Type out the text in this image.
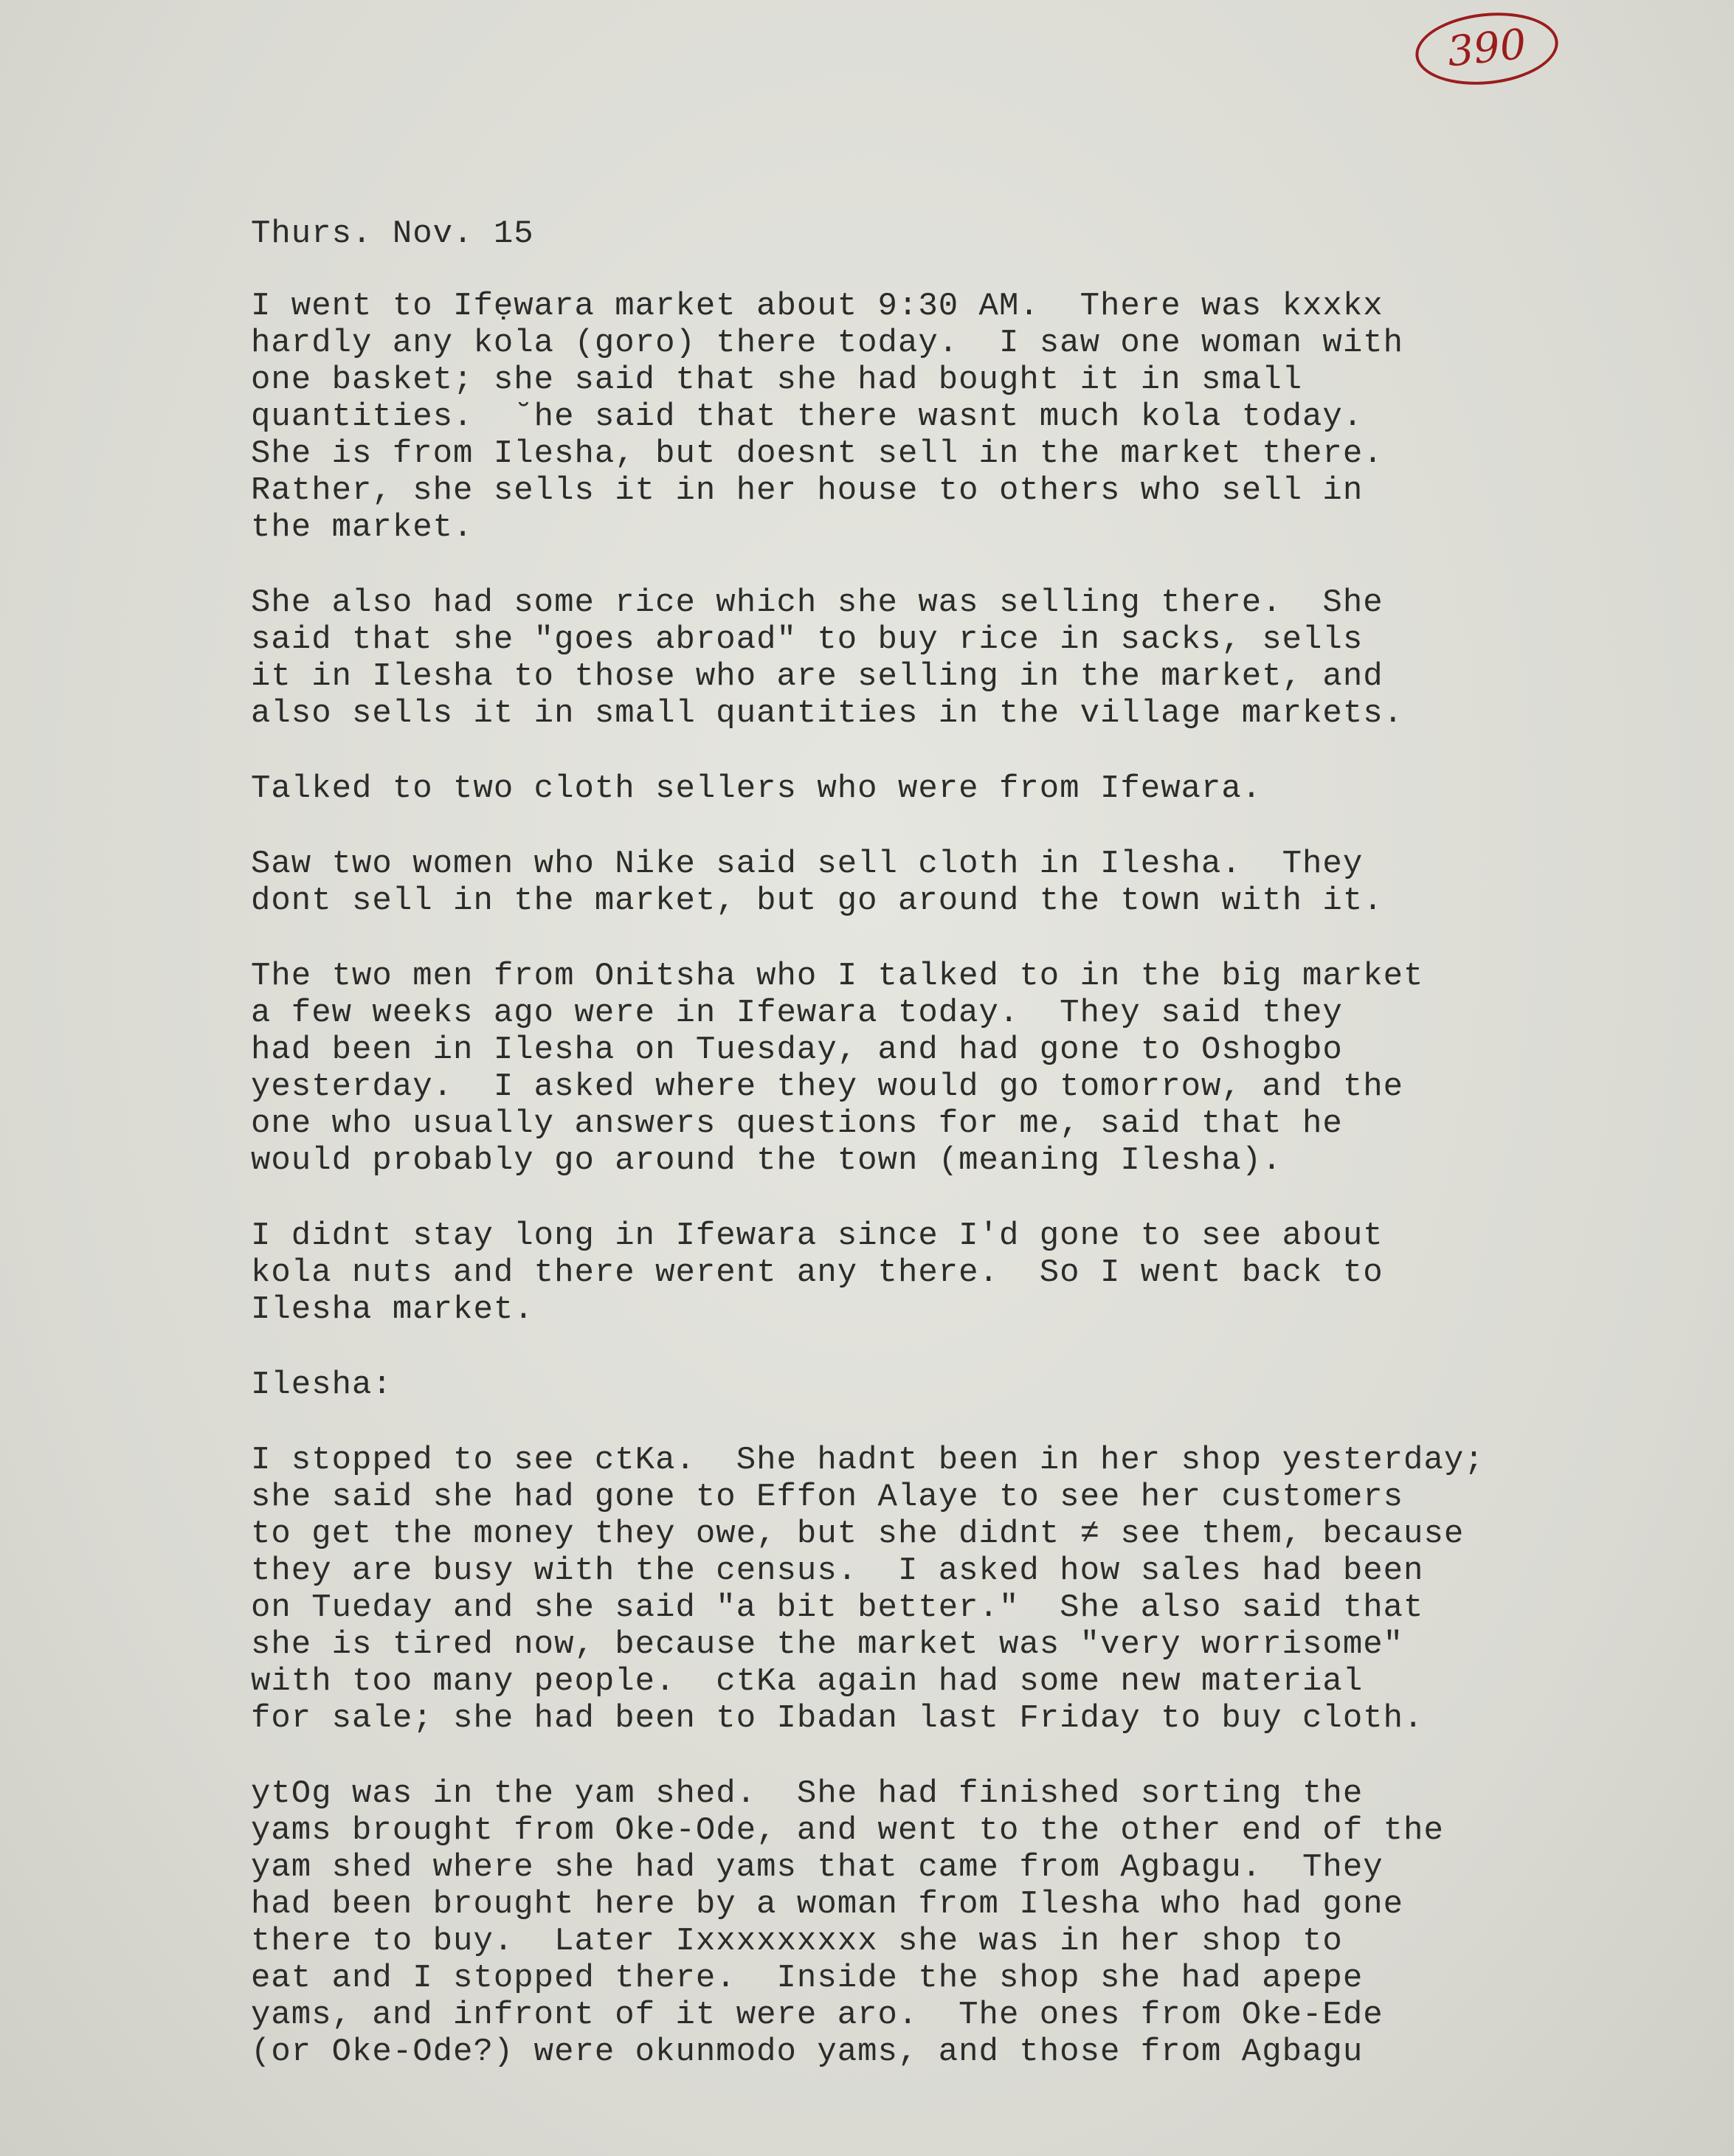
390
Thurs. Nov. 15
I went to Ifẹwara market about 9:30 AM.  There was kxxkx
hardly any kola (goro) there today.  I saw one woman with
one basket; she said that she had bought it in small
quantities.  ˘he said that there wasnt much kola today.
She is from Ilesha, but doesnt sell in the market there.
Rather, she sells it in her house to others who sell in
the market.
She also had some rice which she was selling there.  She
said that she "goes abroad" to buy rice in sacks, sells
it in Ilesha to those who are selling in the market, and
also sells it in small quantities in the village markets.
Talked to two cloth sellers who were from Ifewara.
Saw two women who Nike said sell cloth in Ilesha.  They
dont sell in the market, but go around the town with it.
The two men from Onitsha who I talked to in the big market
a few weeks ago were in Ifewara today.  They said they
had been in Ilesha on Tuesday, and had gone to Oshogbo
yesterday.  I asked where they would go tomorrow, and the
one who usually answers questions for me, said that he
would probably go around the town (meaning Ilesha).
I didnt stay long in Ifewara since I'd gone to see about
kola nuts and there werent any there.  So I went back to
Ilesha market.
Ilesha:
I stopped to see ctKa.  She hadnt been in her shop yesterday;
she said she had gone to Effon Alaye to see her customers
to get the money they owe, but she didnt ≠ see them, because
they are busy with the census.  I asked how sales had been
on Tueday and she said "a bit better."  She also said that
she is tired now, because the market was "very worrisome"
with too many people.  ctKa again had some new material
for sale; she had been to Ibadan last Friday to buy cloth.
ytOg was in the yam shed.  She had finished sorting the
yams brought from Oke-Ode, and went to the other end of the
yam shed where she had yams that came from Agbagu.  They
had been brought here by a woman from Ilesha who had gone
there to buy.  Later Ixxxxxxxxx she was in her shop to
eat and I stopped there.  Inside the shop she had apepe
yams, and infront of it were aro.  The ones from Oke-Ede
(or Oke-Ode?) were okunmodo yams, and those from Agbagu
